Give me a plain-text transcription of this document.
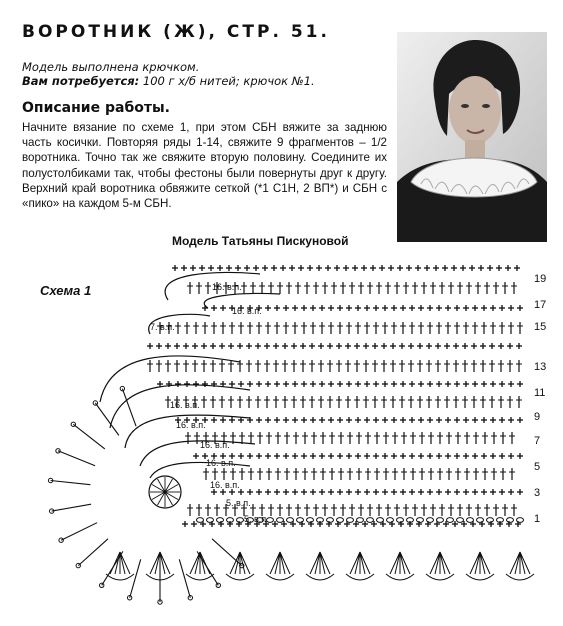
ВОРОТНИК (Ж), СТР. 51.
Модель выполнена крючком.
Вам потребуется: 100 г х/б нитей; крючок №1.
Описание работы.
Начните вязание по схеме 1, при этом СБН вяжите за заднюю часть косички. Повторяя ряды 1-14, свяжите 9 фрагментов – 1/2 воротника. Точно так же свяжите вторую половину. Соедините их полустолбиками так, чтобы фестоны были повернуты друг к другу. Верхний край воротника обвяжите сеткой (*1 С1Н, 2 ВП*) и СБН с «пико» на каждом 5-м СБН.
Модель Татьяны Пискуновой
Схема 1
19
17
15
13
11
9
7
5
3
1
16. в.п.
16. в.п.
7. в.п.
16. в.п.
16. в.п.
16. в.п.
16. в.п.
16. в.п.
5. в.п.
5. в.п.
